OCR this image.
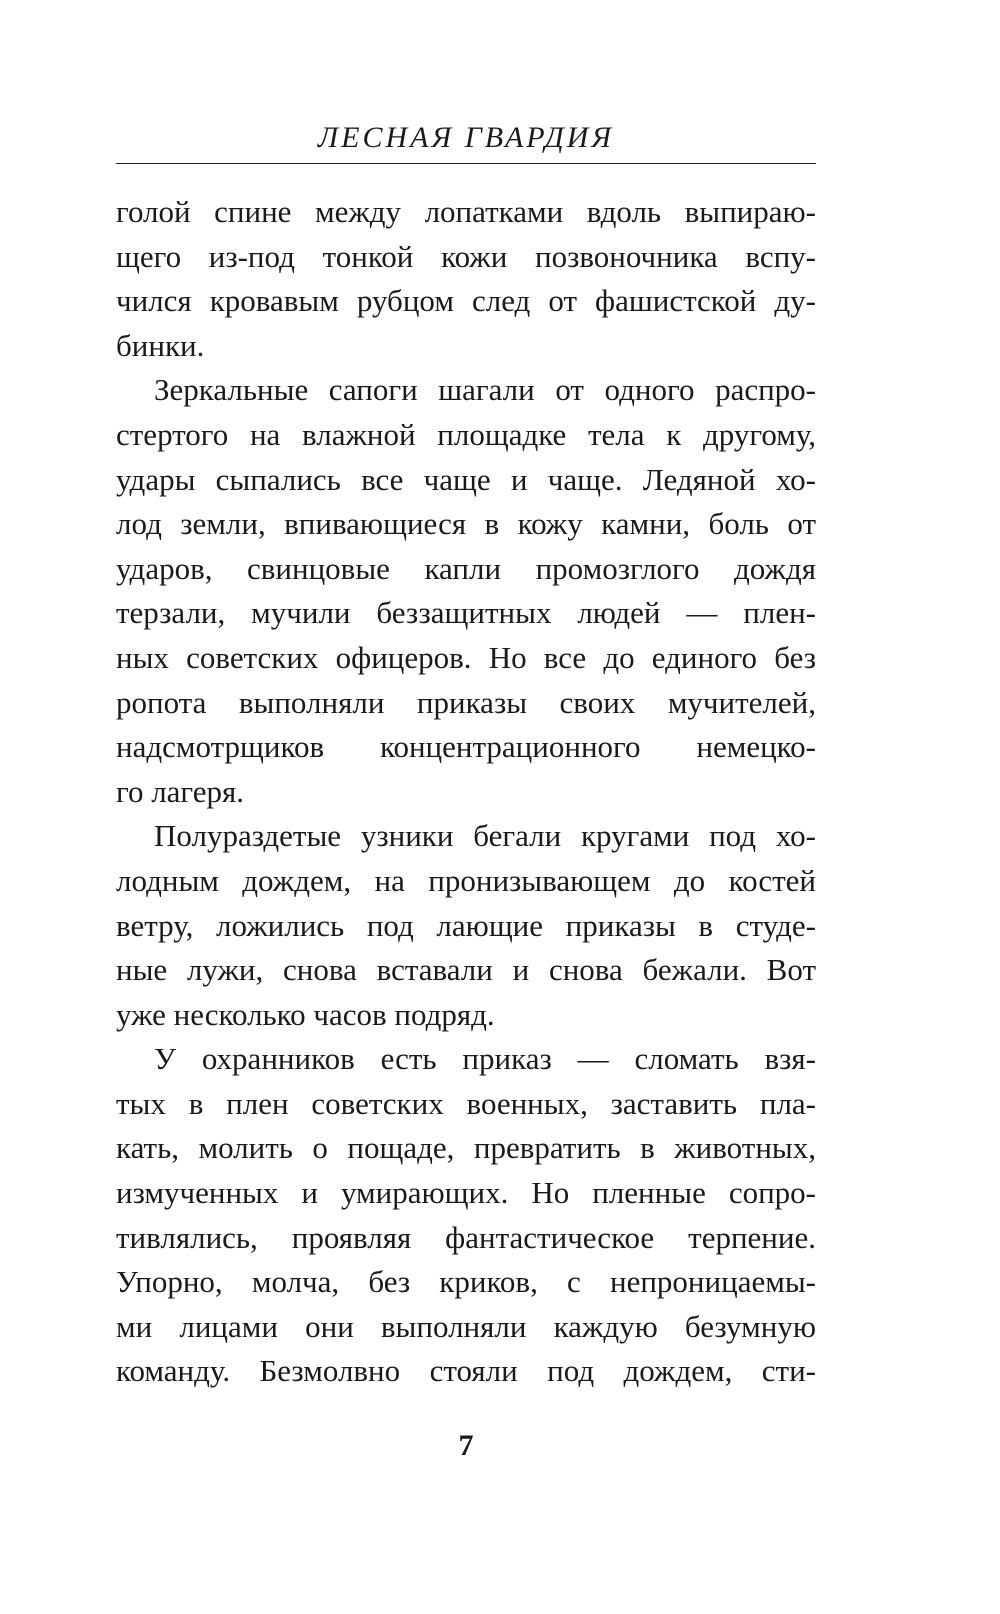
ЛЕСНАЯ ГВАРДИЯ
голой спине между лопатками вдоль выпираю-
щего из-под тонкой кожи позвоночника вспу-
чился кровавым рубцом след от фашистской ду-
бинки.
Зеркальные сапоги шагали от одного распро-
стертого на влажной площадке тела к другому,
удары сыпались все чаще и чаще. Ледяной хо-
лод земли, впивающиеся в кожу камни, боль от
ударов, свинцовые капли промозглого дождя
терзали, мучили беззащитных людей — плен-
ных советских офицеров. Но все до единого без
ропота выполняли приказы своих мучителей,
надсмотрщиков концентрационного немецко-
го лагеря.
Полураздетые узники бегали кругами под хо-
лодным дождем, на пронизывающем до костей
ветру, ложились под лающие приказы в студе-
ные лужи, снова вставали и снова бежали. Вот
уже несколько часов подряд.
У охранников есть приказ — сломать взя-
тых в плен советских военных, заставить пла-
кать, молить о пощаде, превратить в животных,
измученных и умирающих. Но пленные сопро-
тивлялись, проявляя фантастическое терпение.
Упорно, молча, без криков, с непроницаемы-
ми лицами они выполняли каждую безумную
команду. Безмолвно стояли под дождем, сти-
7
